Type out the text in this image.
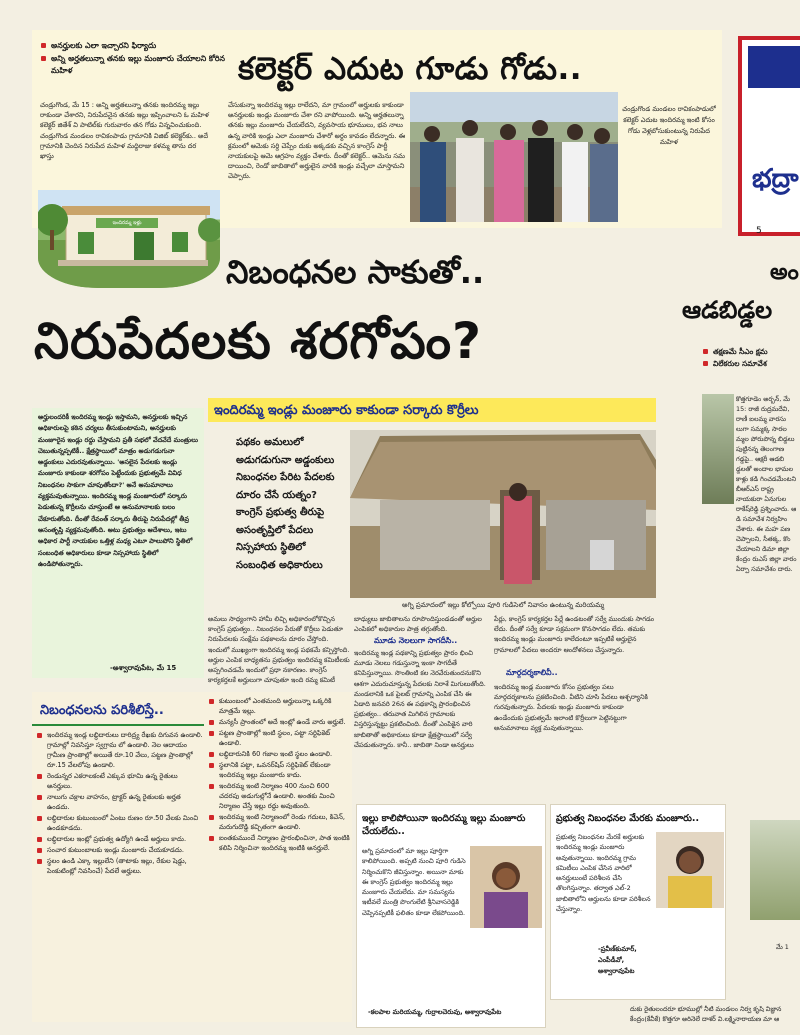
అనర్హులకు ఎలా ఇచ్చారని ఫిర్యాదు
అన్ని అర్హతలున్నా తనకు ఇల్లు మంజూరు చేయాలని కోరిన మహిళ	కలెక్టర్ ఎదుట గూడు గోడు..
చండ్రుగొండ, మే 15 : అన్ని అర్హతలున్నా తనకు ఇందిరమ్మ ఇల్లు రాకుండా చేశారని, నిరుపేదనైన తనకు ఇల్లు ఇప్పించాలని ఓ మహిళ కలెక్టర్ జితేశ్ వి పాటిల్‌కు గురువారం తన గోడు విన్నవించుకుంది. చండ్రుగొండ మండలం రావికంపాడు గ్రామానికి విజిట్ కలెక్టర్‌కు.. అదే గ్రామానికి చెందిన నిరుపేద మహిళ మద్దిరాజు కళమ్మ తాను దర ఖాస్తు
చేసుకున్నా ఇందిరమ్మ ఇల్లు రాలేదని, మా గ్రామంలో అర్హులకు కాకుండా అనర్హులకు ఇండ్లు మంజూరు చేశా రని వాపోయింది. అన్ని అర్హతలున్నా తనకు ఇల్లు మంజూరు చేయలేదని, వ్యవసాయ భూములు, భవ నాలు ఉన్న వారికి ఇండ్లు ఎలా మంజూరు చేశారో అర్థం కావడం లేదన్నారు. ఈ క్రమంలో ఆమెకు సర్ది చెప్పేం దుకు అక్కడకు వచ్చిన కాంగ్రెస్ పార్టీ నాయకులపై ఆమె ఆగ్రహం వ్యక్తం చేశారు. దీంతో కలెక్టర్.. ఆమెను సమ దాయించి, రెండో జాబితాలో అర్హులైన వారికి ఇండ్లు వచ్చేలా చూస్తామని చెప్పారు.
ఇందిరమ్మ ఇళ్లు
చండ్రుగొండ మండలం రావికంపాడులో కలెక్టర్ ఎదుట ఇందిరమ్మ ఇంటి కోసం గోడు వెళ్లబోసుకుంటున్న నిరుపేద మహిళ
భద్రా
5
అం
ఆడబిడ్డల
తక్షణమే సీఎం క్షమ
విలేకరుల సమావేశ
కొత్తగూడెం అర్బన్, మే 15: రాజీ రుద్రమదేవి, రాణీ ఐలమ్మ వారసు లుగా సమ్మక్క సారల మ్మల పోరుపొన్న బిడ్డలు పుట్టినన్న తెలంగాణ గడ్డపై.. ఆక్షరీ ఆడబి డ్డలతో అందాల భామల కాళ్లు కడి గించడమేంటని బీఆర్‌ఎస్ రాష్ట్ర నాయకురా ఏనుగుల రాకేష్‌రెడ్డి ప్రశ్నించారు. ఆ డి సమావేశ నిర్వహిం చేశారు. ఈ మహ పణ చెప్పాలని, సీతక్క, కొం చేయాలని డిమా జిల్లా కేంద్రం రుఎస్ జిల్లా వారం ఏర్పా సమావేశం దారు.
మే 1
దుకు రైతులందరూ భూముల్లో నీటి మండలం నిర్వ కృషి విజ్ఞాన కేంద్రం(కేవీకే) కొత్తగూ అరినెలే దాశర్ వి.లక్ష్మినారాయణ మా ఆ
నిబంధనల సాకుతో..
నిరుపేదలకు శరగోపం?
ఇందిరమ్మ ఇండ్లు మంజూరు కాకుండా సర్కారు కొర్రీలు
అర్హులందరికీ ఇందిరమ్మ ఇండ్లు ఇస్తామని, అనర్హులకు ఇచ్చిన అధికారులపై కఠిన చర్యలు తీసుకుంటామని, అనర్హులకు మంజూరైన ఇండ్లు రద్దు చేస్తామని ప్రతీ సభలో వేదవేదే మంత్రులు చెబుతున్నప్పటికీ.. క్షేత్రస్థాయిలో మాత్రం అడుగడుగునా అడ్డంకులు ఎదురవుతున్నాయి. 'అసలైన పేదలకు ఇండ్లు మంజూరు కాకుండా శరగోపం పెట్టేందుకు ప్రభుత్వమే వివిధ నిబంధనల సాకుగా చూపుతోందా?' అనే అనుమానాలు వ్యక్తమవుతున్నాయి. ఇందిరమ్మ ఇండ్ల మంజూరులో సర్కారు పెడుతున్న కొర్రీలను చూస్తుంటే ఆ అనుమానాలకు బలం చేకూరుతోంది. దీంతో రేవంత్ సర్కారు తీరుపై నిరుపేదల్లో తీవ్ర అసంతృప్తి వ్యక్తమవుతోంది. అటు ప్రభుత్వం ఆదేశాలు, ఇటు అధికార పార్టీ నాయకుల ఒత్తిళ్ల మధ్య ఎటూ పాలుపోని స్థితిలో సంబంధిత అధికారులు కూడా నిస్సహాయ స్థితిలో ఉండిపోతున్నారు.
-అశ్వారావుపేట, మే 15
పథకం అమలులో అడుగడుగునా అడ్డంకులు నిబంధనల పేరిట పేదలకు దూరం చేసే యత్నం? కాంగ్రెస్ ప్రభుత్వ తీరుపై అసంతృప్తిలో పేదలు నిస్సహాయ స్థితిలో సంబంధిత అధికారులు
అగ్ని ప్రమాదంలో ఇల్లు కోల్పోయి పూరి గుడిసెలో నివాసం ఉంటున్న మరియమ్మ
అమలు సాధ్యంగాని హామీ లిచ్చి అధికారంలోకొచ్చిన కాంగ్రెస్ ప్రభుత్వం.. నిబంధనల పేరుతో కొర్రీలు పెడుతూ నిరుపేదలకు సంక్షేమ పథకాలను దూరం చేస్తోంది. ఇందులో ముఖ్యంగా ఇందిరమ్మ ఇండ్ల పథకమే కన్పిస్తోంది. అర్హుల ఎంపిక బాధ్యతను ప్రభుత్వం ఇందిరమ్మ కమిటీలకు అప్పగించడమే ఇందులో ప్రధా నకారణం. కాంగ్రెస్ కార్యకర్తలకే అర్హులుగా చూపుతూ ఇంది రమ్మ కమిటీ
బాధ్యులు జాబితాలను రూపొందిస్తుండడంతో అర్హుల ఎంపికలో అధికారుల పాత్ర తగ్గుతోంది.
మూడు నెలలుగా సాగదీసి..
ఇందిరమ్మ ఇండ్ల పథకాన్ని ప్రభుత్వం ప్రారం భించి మూడు నెలలు గడుస్తున్నా ఇంకా సాగదీతే కనిపిస్తున్నాయి. సొంతింటి కల నెరవేరుతుందనుకొని ఆశగా ఎదురుచూస్తున్న పేదలకు నిరాశే మిగులుతోంది. మండలానికి ఒక పైలట్ గ్రామాన్ని ఎంపిక చేసి ఈ ఏడాది జనవరి 26న ఈ పథకాన్ని ప్రారంభించిన ప్రభుత్వం.. తరువాత మిగిలిన గ్రామాలకు విస్తరిస్తున్నట్టు ప్రకటించింది. దీంతో ఎంపికైన వారి జాబితాతో అధికారులు కూడా క్షేత్రస్థాయిలో సర్వే చేపడుతున్నారు. కానీ.. జాబితా నిండా అనర్హులు
పేర్లు, కాంగ్రెస్ కార్యకర్తల పేర్లే ఉండటంతో సర్వే ముందుకు సాగడం లేదు. దీంతో సర్వే కూడా సక్రమంగా కొనసాగడం లేదు. తమకు ఇందిరమ్మ ఇండ్లు మంజూరు కాలేదంటూ ఇప్పటికే అర్హులైన గ్రామాలలో పేదలు అందరూ ఆందోళనలు చేస్తున్నారు.
మార్గదర్శకాలివీ..
ఇందిరమ్మ ఇండ్ల మంజూరు కోసం ప్రభుత్వం పలు మార్గదర్శకాలను ప్రకటించింది. వీటిని చూసి పేదలు ఆశ్చర్యానికి గురవుతున్నారు. పేదలకు ఇండ్లు మంజూరు కాకుండా ఉండేందుకు ప్రభుత్వమే ఇలాంటి కొర్రీలుగా పెట్టినట్టుగా అనుమానాలు వ్యక్త మవుతున్నాయి.
నిబంధనలను పరిశీలిస్తే..
ఇందిరమ్మ ఇండ్ల లబ్ధిదారులు దారిద్ర్య రేఖకు దిగువన ఉండాలి. గ్రామాల్లో నివసిస్తూ స్వగ్రామ లో ఉండాలి. నెల ఆదాయం గ్రామీణ ప్రాంతాల్లో అయితే రూ.10 వేలు, పట్టణ ప్రాంతాల్లో రూ.15 వేలలోపు ఉండాలి.
రెండున్నర ఎకరాలకంటే ఎక్కువ భూమి ఉన్న రైతులు అనర్హులు.
నాలుగు చక్రాల వాహనం, ట్రాక్టర్ ఉన్న రైతులకు అర్హత ఉండదు.
లబ్ధిదారుల కుటుంబంలో ఏంటు రుణం రూ.50 వేలకు మించి ఉండకూడదు.
లబ్ధిదారుల ఇంట్లో ప్రభుత్వ ఉద్యోగి ఉండే అర్హులు కాదు.
సంచార కుటుంబాలకు ఇండ్లు మంజూరు చేయకూడదు.
స్థలం ఉండి ఎక్కా ఇల్లులేని (తాటాకు ఇల్లు, రేకుల షెడ్డు, పెంకుటింట్లో నివసించే) పేదలే అర్హులు.
కుటుంబంలో ఎంతమంది అర్హులున్నా ఒక్కరికి మాత్రమే ఇల్లు.
మన్యసీ ప్రాంతంలో అదే ఇంట్లో ఉండే వారు అర్హులే.
పట్టణ ప్రాంతాల్లో ఇంటి స్థలం, పట్టా సర్టిఫికెట్ ఉండాలి.
లబ్ధిదారునికి 60 గజాల ఇంటి స్థలం ఉండాలి.
స్థలానికి పట్టా, ఒవనర్‌షిప్ సర్టిఫికెట్ లేకుండా ఇందిరమ్మ ఇల్లు మంజూరు కాదు.
ఇందిరమ్మ ఇంటి నిర్మాణం 400 నుంచి 600 చదరపు అడుగుల్లోనే ఉండాలి. అంతకు మించి నిర్మాణం చేస్తే ఇల్లు రద్దు అవుతుంది.
ఇందిరమ్మ ఇంటి నిర్మాణంలో రెండు గదులు, కిచెన్, మరుగుదొడ్డి కచ్చితంగా ఉండాలి.
ఐంతకుముందే నిర్మాణం ప్రారంభించినా, పాత ఇంటికి కలిపి నిర్మించినా ఇందిరమ్మ ఇంటికి అనర్హులే.
ఇల్లు కాలిపోయినా ఇందిరమ్మ ఇల్లు మంజూరు చేయలేదు..
అగ్ని ప్రమాదంలో మా ఇల్లు పూర్తిగా కాలిపోయింది. అప్పటి నుంచి పూరి గుడిసె నిర్మించుకొని జీవిస్తున్నాం. అయినా మాకు ఈ కాంగ్రెస్ ప్రభుత్వం ఇందిరమ్మ ఇల్లు మంజూరు చేయలేదు. మా సమస్యను ఇటీవలే మంత్రి పొంగులేటి శ్రీనివాసరెడ్డికి చెప్పినప్పటికీ ఫలితం కూడా లేకపోయింది.
-కలపాల మరియమ్మ, గుర్రాలచెరువు, అశ్వారావుపేట
ప్రభుత్వ నిబంధనల మేరకు మంజూరు..
ప్రభుత్వ నిబంధనల మేరకే అర్హులకు ఇందిరమ్మ ఇండ్లు మంజూరు అవుతున్నాయి. ఇందిరమ్మ గ్రామ కమిటీలు ఎంపిక చేసిన వారిలో అనర్హులుంటే పరిశీలన చేసి తొలగిస్తున్నాం. తర్వాత ఎల్-2 జాబితాలోని అర్హులను కూడా పరిశీలన చేస్తున్నాం.
-ప్రవీణ్‌కుమార్, ఎంపీడీవో, అశ్వారావుపేట
